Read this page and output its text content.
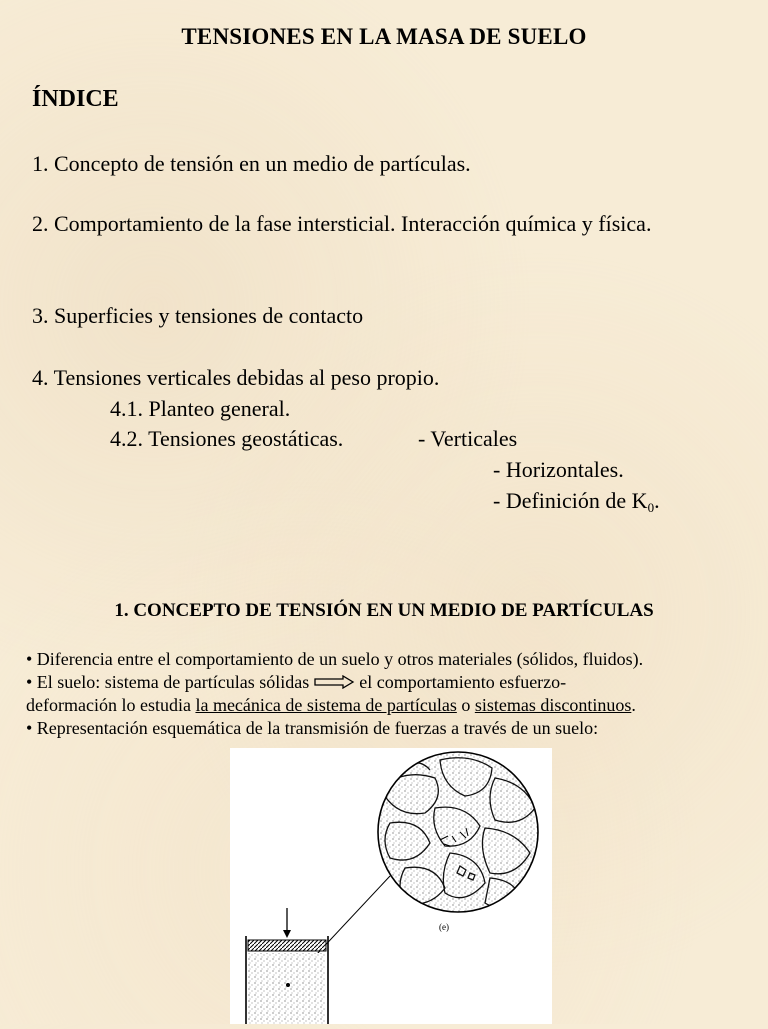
TENSIONES EN LA MASA DE SUELO
ÍNDICE
1. Concepto de tensión en un medio de partículas.
2. Comportamiento de la fase intersticial. Interacción química y física.
3. Superficies y tensiones de contacto
4. Tensiones verticales debidas al peso propio.
4.1. Planteo general.
4.2. Tensiones geostáticas.	- Verticales
- Horizontales.
- Definición de $K_0$.
1. CONCEPTO DE TENSIÓN EN UN MEDIO DE PARTÍCULAS
• Diferencia entre el comportamiento de un suelo y otros materiales (sólidos, fluidos).
• El suelo: sistema de partículas sólidas	el comportamiento esfuerzo-
deformación lo estudia la mecánica de sistema de partículas o sistemas discontinuos.
• Representación esquemática de la transmisión de fuerzas a través de un suelo:
(e)
